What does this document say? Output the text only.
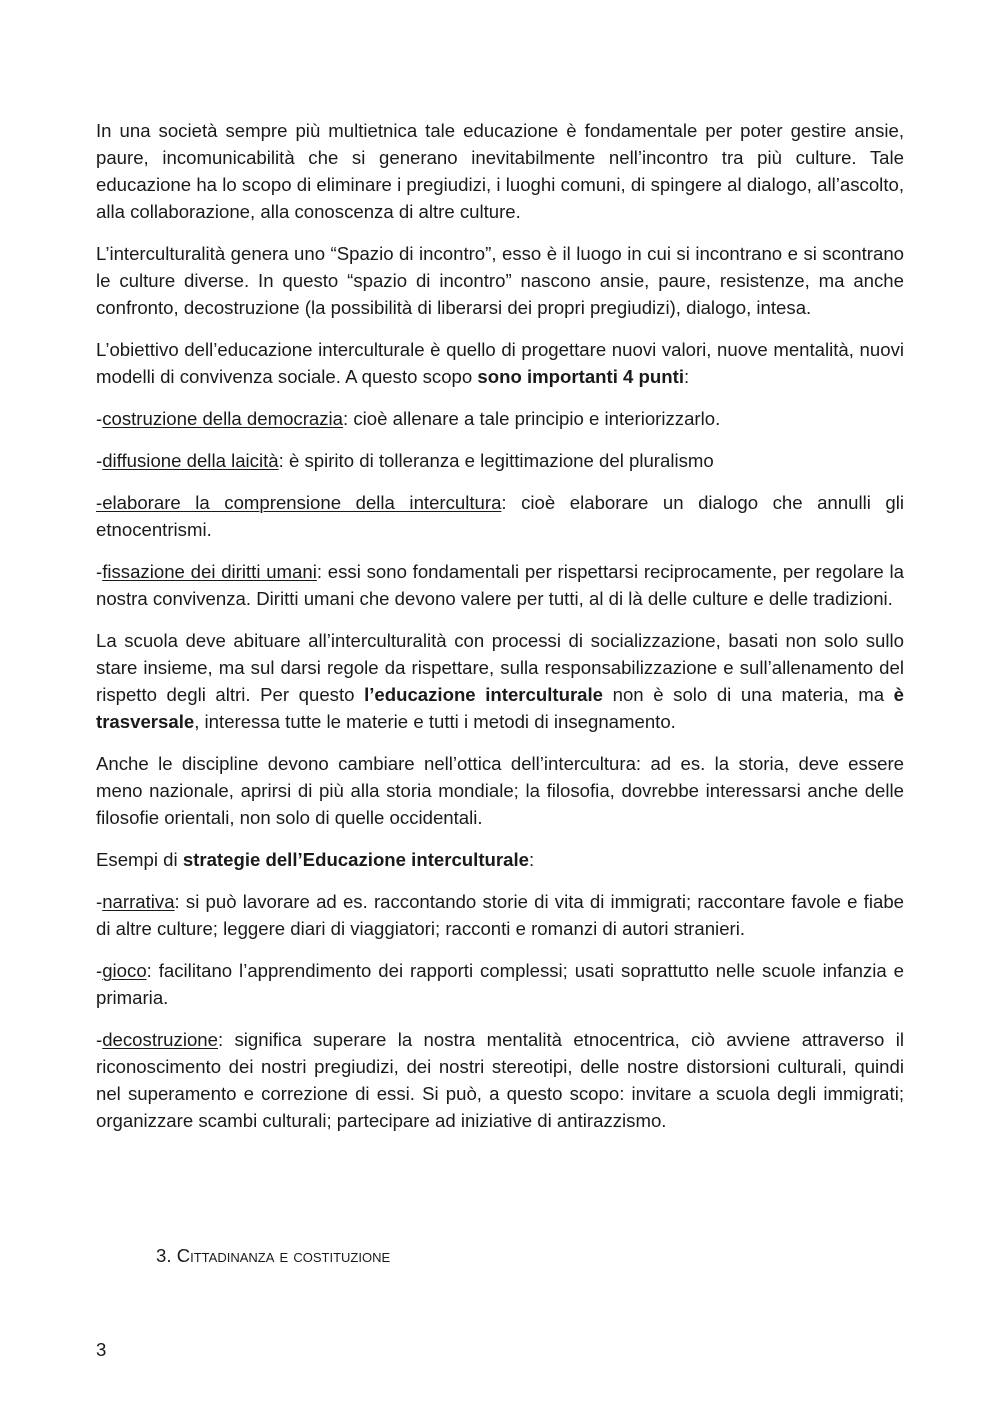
In una società sempre più multietnica tale educazione è fondamentale per poter gestire ansie, paure, incomunicabilità che si generano inevitabilmente nell’incontro tra più culture. Tale educazione ha lo scopo di eliminare i pregiudizi, i luoghi comuni, di spingere al dialogo, all’ascolto, alla collaborazione, alla conoscenza di altre culture.

L’interculturalità genera uno “Spazio di incontro”, esso è il luogo in cui si incontrano e si scontrano le culture diverse. In questo “spazio di incontro” nascono ansie, paure, resistenze, ma anche confronto, decostruzione (la possibilità di liberarsi dei propri pregiudizi), dialogo, intesa.

L’obiettivo dell’educazione interculturale è quello di progettare nuovi valori, nuove mentalità, nuovi modelli di convivenza sociale. A questo scopo sono importanti 4 punti:

-costruzione della democrazia: cioè allenare a tale principio e interiorizzarlo.

-diffusione della laicità: è spirito di tolleranza e legittimazione del pluralismo

-elaborare la comprensione della intercultura: cioè elaborare un dialogo che annulli gli etnocentrismi.

-fissazione dei diritti umani: essi sono fondamentali per rispettarsi reciprocamente, per regolare la nostra convivenza. Diritti umani che devono valere per tutti, al di là delle culture e delle tradizioni.

La scuola deve abituare all’interculturalità con processi di socializzazione, basati non solo sullo stare insieme, ma sul darsi regole da rispettare, sulla responsabilizzazione e sull’allenamento del rispetto degli altri. Per questo l’educazione interculturale non è solo di una materia, ma è trasversale, interessa tutte le materie e tutti i metodi di insegnamento.

Anche le discipline devono cambiare nell’ottica dell’intercultura: ad es. la storia, deve essere meno nazionale, aprirsi di più alla storia mondiale; la filosofia, dovrebbe interessarsi anche delle filosofie orientali, non solo di quelle occidentali.

Esempi di strategie dell’Educazione interculturale:

-narrativa: si può lavorare ad es. raccontando storie di vita di immigrati; raccontare favole e fiabe di altre culture; leggere diari di viaggiatori; racconti e romanzi di autori stranieri.

-gioco: facilitano l’apprendimento dei rapporti complessi; usati soprattutto nelle scuole infanzia e primaria.

-decostruzione: significa superare la nostra mentalità etnocentrica, ciò avviene attraverso il riconoscimento dei nostri pregiudizi, dei nostri stereotipi, delle nostre distorsioni culturali, quindi nel superamento e correzione di essi. Si può, a questo scopo: invitare a scuola degli immigrati; organizzare scambi culturali; partecipare ad iniziative di antirazzismo.

3. Cittadinanza e costituzione
3
